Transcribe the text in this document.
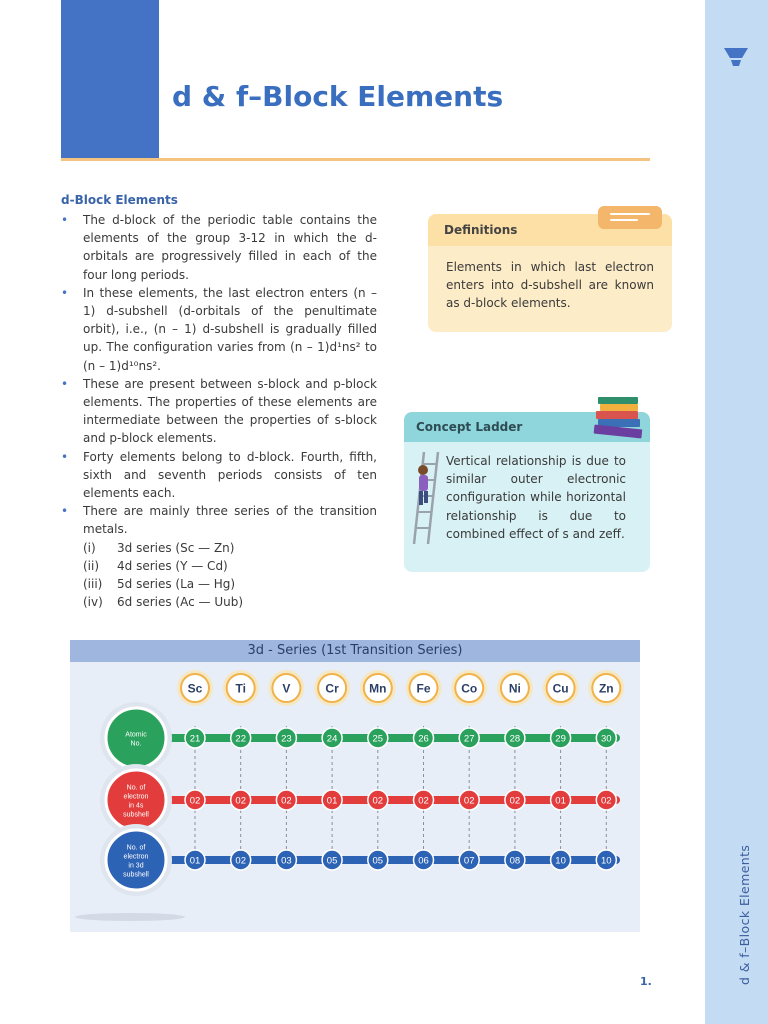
d & f–Block Elements
d & f–Block Elements
d-Block Elements
• The d-block of the periodic table contains the elements of the group 3-12 in which the d-orbitals are progressively filled in each of the four long periods.
• In these elements, the last electron enters (n – 1) d-subshell (d-orbitals of the penultimate orbit), i.e., (n – 1) d-subshell is gradually filled up. The configuration varies from (n – 1)d¹ns² to (n – 1)d¹⁰ns².
• These are present between s-block and p-block elements. The properties of these elements are intermediate between the properties of s-block and p-block elements.
• Forty elements belong to d-block. Fourth, fifth, sixth and seventh periods consists of ten elements each.
• There are mainly three series of the transition metals.
(i)	3d series (Sc — Zn)
(ii)	4d series (Y — Cd)
(iii)	5d series (La — Hg)
(iv)	6d series (Ac — Uub)
Definitions
Elements in which last electron enters into d-subshell are known as d-block elements.
Concept Ladder
Vertical relationship is due to similar outer electronic configuration while horizontal relationship is due to combined effect of s and zeff.
3d - Series (1st Transition Series)
Atomic
No.	21	22	23	24	25	26	27	28	29	30
No. of
electron
in 4s
subshell
02	02	02	01	02	02	02	02	01	02
No. of
electron
in 3d
subshell
01	02	03	05	05	06	07	08	10	10
Sc	Ti	V	Cr	Mn	Fe	Co	Ni	Cu	Zn
1.
